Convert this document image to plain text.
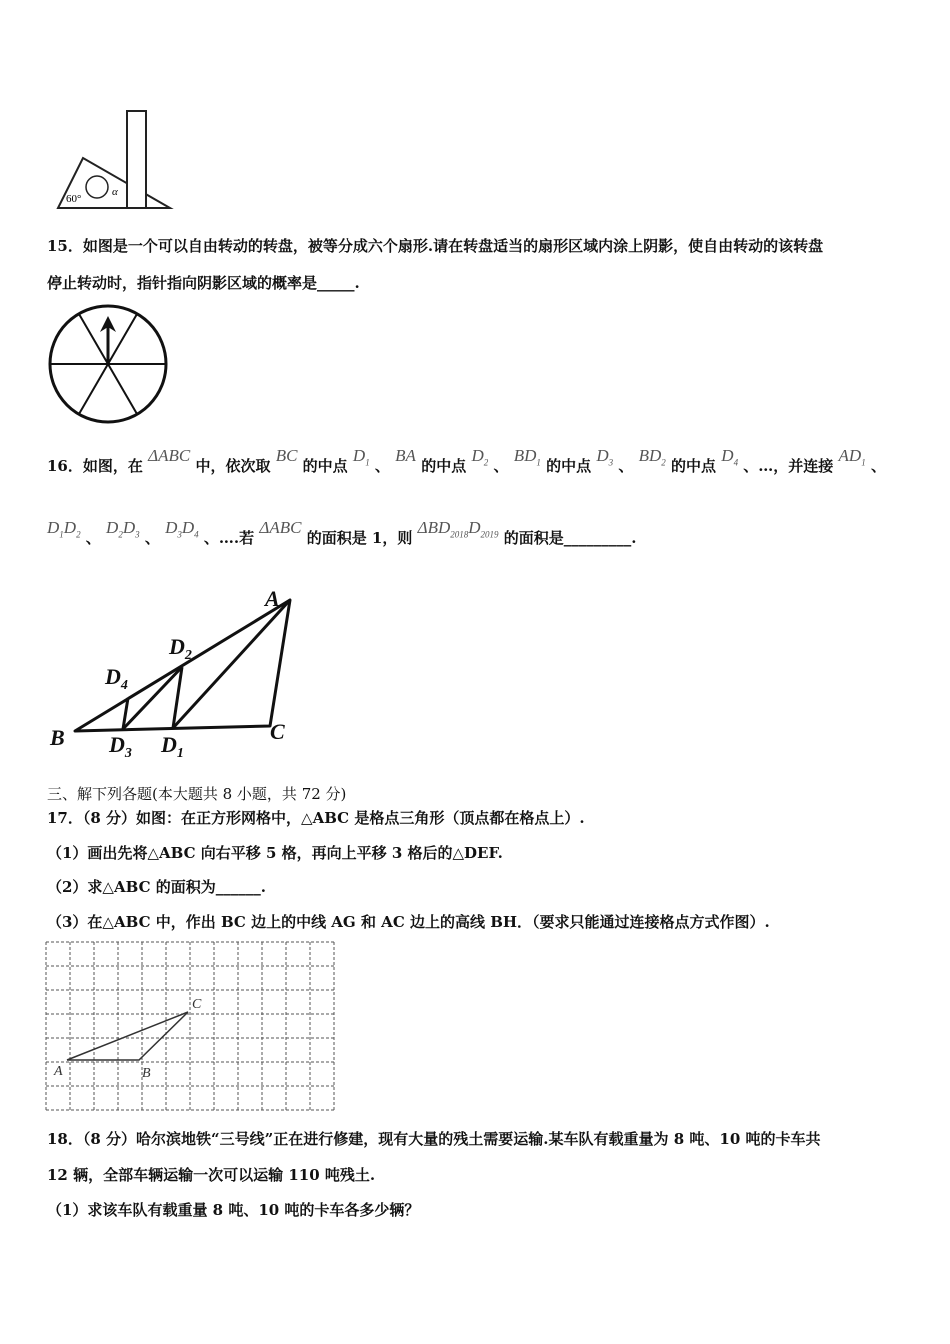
60°
α
15．如图是一个可以自由转动的转盘，被等分成六个扇形.请在转盘适当的扇形区域内涂上阴影，使自由转动的该转盘
停止转动时，指针指向阴影区域的概率是_____.
16．如图，在 ΔABC 中，依次取 BC 的中点 $D_1$ 、 BA 的中点 $D_2$ 、 $BD_1$ 的中点 $D_3$ 、 $BD_2$ 的中点 $D_4$ 、…，并连接 $AD_1$ 、
$D_1D_2$ 、 $D_2D_3$ 、 $D_3D_4$ 、….若 ΔABC 的面积是 1，则 $\Delta BD_{2018}D_{2019}$ 的面积是_________.
A
B	C
$D_1$
$D_2$
$D_3$
$D_4$
三、解下列各题(本大题共 8 小题，共 72 分)
17．（8 分）如图：在正方形网格中，△ABC 是格点三角形（顶点都在格点上）.
（1）画出先将△ABC 向右平移 5 格，再向上平移 3 格后的△DEF.
（2）求△ABC 的面积为______.
（3）在△ABC 中，作出 BC 边上的中线 AG 和 AC 边上的高线 BH．（要求只能通过连接格点方式作图）.
A	B
C
18．（8 分）哈尔滨地铁“三号线”正在进行修建，现有大量的残土需要运输.某车队有载重量为 8 吨、10 吨的卡车共
12 辆，全部车辆运输一次可以运输 110 吨残土.
（1）求该车队有载重量 8 吨、10 吨的卡车各多少辆？
